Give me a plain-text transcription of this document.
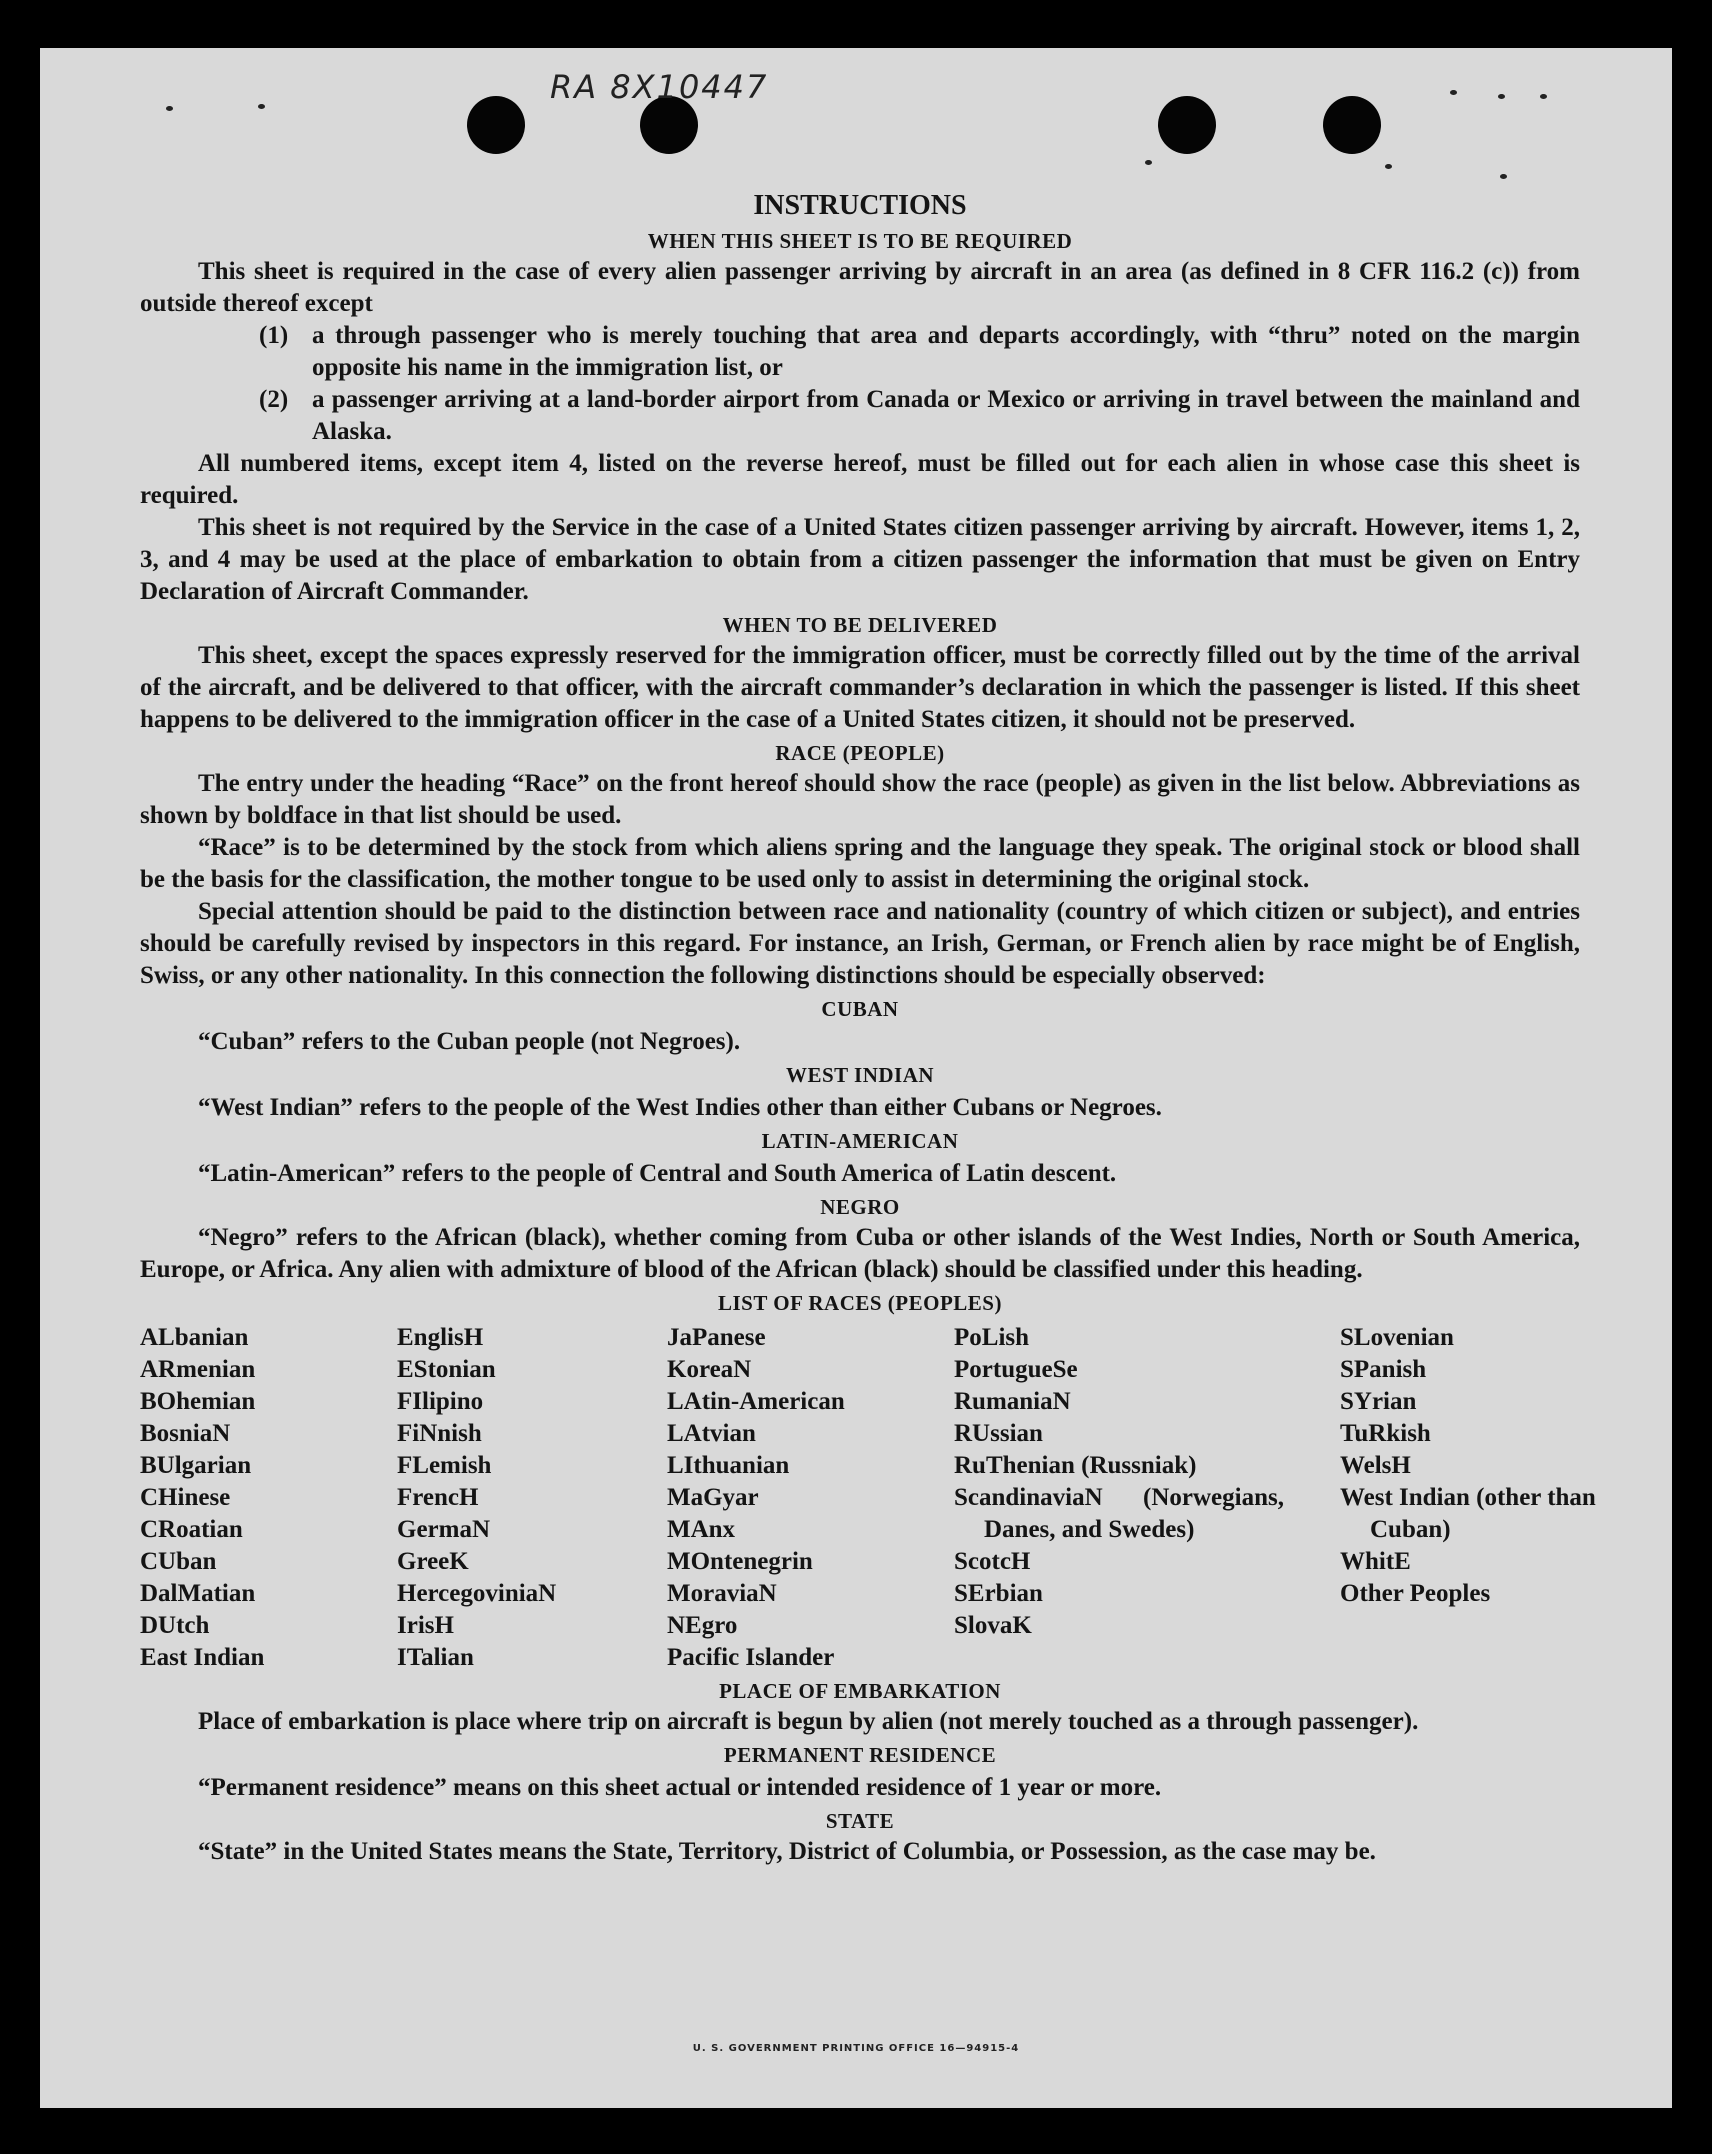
RA 8X10447
INSTRUCTIONS
WHEN THIS SHEET IS TO BE REQUIRED

This sheet is required in the case of every alien passenger arriving by aircraft in an area (as defined in 8 CFR 116.2 (c)) from outside thereof except

(1) a through passenger who is merely touching that area and departs accordingly, with “thru” noted on the margin opposite his name in the immigration list, or
(2) a passenger arriving at a land-border airport from Canada or Mexico or arriving in travel between the mainland and Alaska.

All numbered items, except item 4, listed on the reverse hereof, must be filled out for each alien in whose case this sheet is required.

This sheet is not required by the Service in the case of a United States citizen passenger arriving by aircraft. However, items 1, 2, 3, and 4 may be used at the place of embarkation to obtain from a citizen passenger the information that must be given on Entry Declaration of Aircraft Commander.

WHEN TO BE DELIVERED

This sheet, except the spaces expressly reserved for the immigration officer, must be correctly filled out by the time of the arrival of the aircraft, and be delivered to that officer, with the aircraft commander’s declaration in which the passenger is listed. If this sheet happens to be delivered to the immigration officer in the case of a United States citizen, it should not be preserved.

RACE (PEOPLE)

The entry under the heading “Race” on the front hereof should show the race (people) as given in the list below. Abbreviations as shown by boldface in that list should be used.

“Race” is to be determined by the stock from which aliens spring and the language they speak. The original stock or blood shall be the basis for the classification, the mother tongue to be used only to assist in determining the original stock.

Special attention should be paid to the distinction between race and nationality (country of which citizen or subject), and entries should be carefully revised by inspectors in this regard. For instance, an Irish, German, or French alien by race might be of English, Swiss, or any other nationality. In this connection the following distinctions should be especially observed:

CUBAN

“Cuban” refers to the Cuban people (not Negroes).

WEST INDIAN

“West Indian” refers to the people of the West Indies other than either Cubans or Negroes.

LATIN-AMERICAN

“Latin-American” refers to the people of Central and South America of Latin descent.

NEGRO

“Negro” refers to the African (black), whether coming from Cuba or other islands of the West Indies, North or South America, Europe, or Africa. Any alien with admixture of blood of the African (black) should be classified under this heading.

LIST OF RACES (PEOPLES)
ALbanian
ARmenian
BOhemian
BosniaN
BUlgarian
CHinese
CRoatian
CUban
DalMatian
DUtch
East Indian
EnglisH
EStonian
FIlipino
FiNnish
FLemish
FrencH
GermaN
GreeK
HercegoviniaN
IrisH
ITalian
JaPanese
KoreaN
LAtin-American
LAtvian
LIthuanian
MaGyar
MAnx
MOntenegrin
MoraviaN
NEgro
Pacific Islander
PoLish
PortugueSe
RumaniaN
RUssian
RuThenian (Russniak)
ScandinaviaN (Norwegians, Danes, and Swedes)
ScotcH
SErbian
SlovaK
SLovenian
SPanish
SYrian
TuRkish
WelsH
West Indian (other than Cuban)
WhitE
Other Peoples
PLACE OF EMBARKATION

Place of embarkation is place where trip on aircraft is begun by alien (not merely touched as a through passenger).

PERMANENT RESIDENCE

“Permanent residence” means on this sheet actual or intended residence of 1 year or more.

STATE

“State” in the United States means the State, Territory, District of Columbia, or Possession, as the case may be.

U. S. GOVERNMENT PRINTING OFFICE 16—94915-4
